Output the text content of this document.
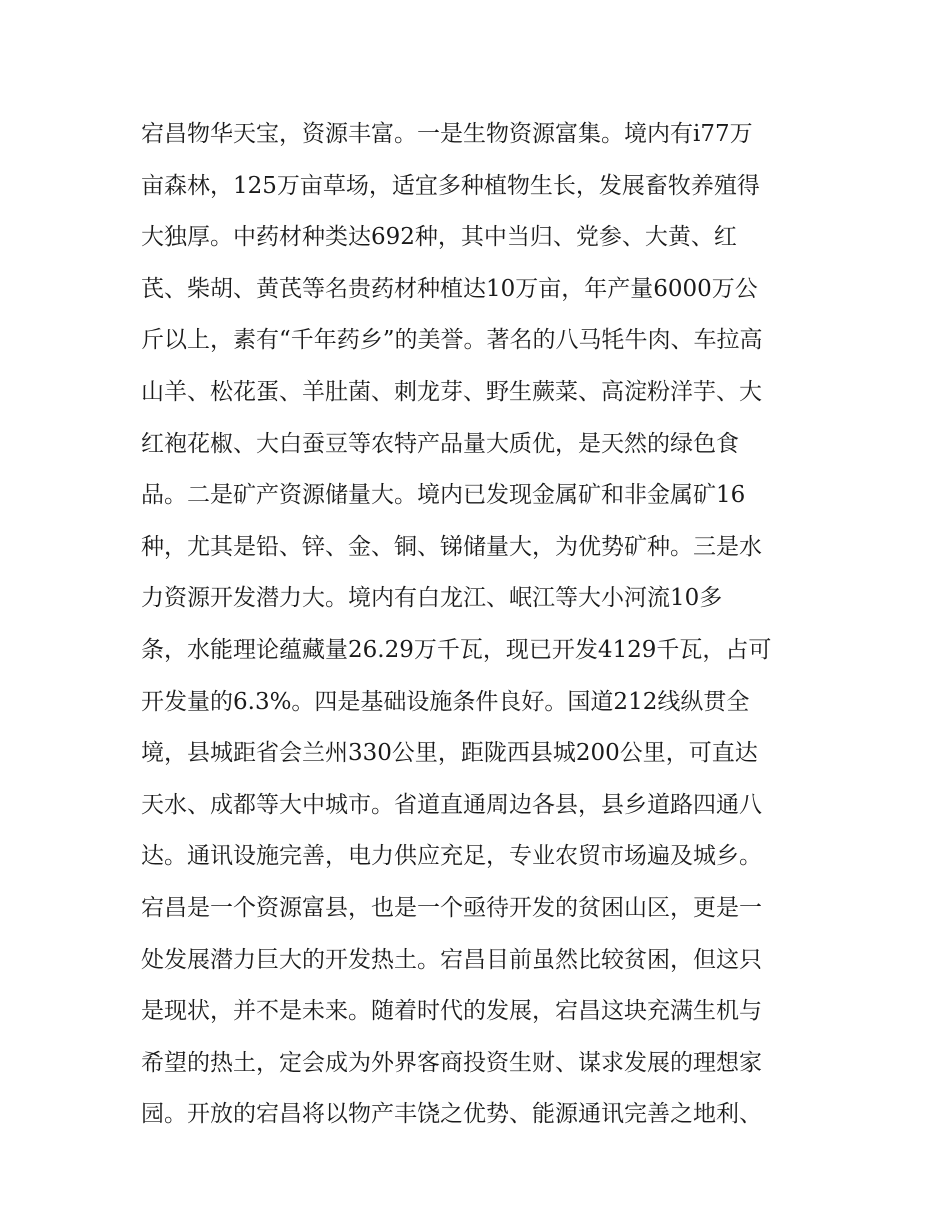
宕昌物华天宝，资源丰富。一是生物资源富集。境内有i77万
亩森林，125万亩草场，适宜多种植物生长，发展畜牧养殖得
大独厚。中药材种类达692种，其中当归、党参、大黄、红
芪、柴胡、黄芪等名贵药材种植达10万亩，年产量6000万公
斤以上，素有“千年药乡”的美誉。著名的八马牦牛肉、车拉高
山羊、松花蛋、羊肚菌、刺龙芽、野生蕨菜、高淀粉洋芋、大
红袍花椒、大白蚕豆等农特产品量大质优，是天然的绿色食
品。二是矿产资源储量大。境内已发现金属矿和非金属矿16
种，尤其是铅、锌、金、铜、锑储量大，为优势矿种。三是水
力资源开发潜力大。境内有白龙江、岷江等大小河流10多
条，水能理论蕴藏量26.29万千瓦，现已开发4129千瓦，占可
开发量的6.3%。四是基础设施条件良好。国道212线纵贯全
境，县城距省会兰州330公里，距陇西县城200公里，可直达
天水、成都等大中城市。省道直通周边各县，县乡道路四通八
达。通讯设施完善，电力供应充足，专业农贸市场遍及城乡。
宕昌是一个资源富县，也是一个亟待开发的贫困山区，更是一
处发展潜力巨大的开发热土。宕昌目前虽然比较贫困，但这只
是现状，并不是未来。随着时代的发展，宕昌这块充满生机与
希望的热土，定会成为外界客商投资生财、谋求发展的理想家
园。开放的宕昌将以物产丰饶之优势、能源通讯完善之地利、
